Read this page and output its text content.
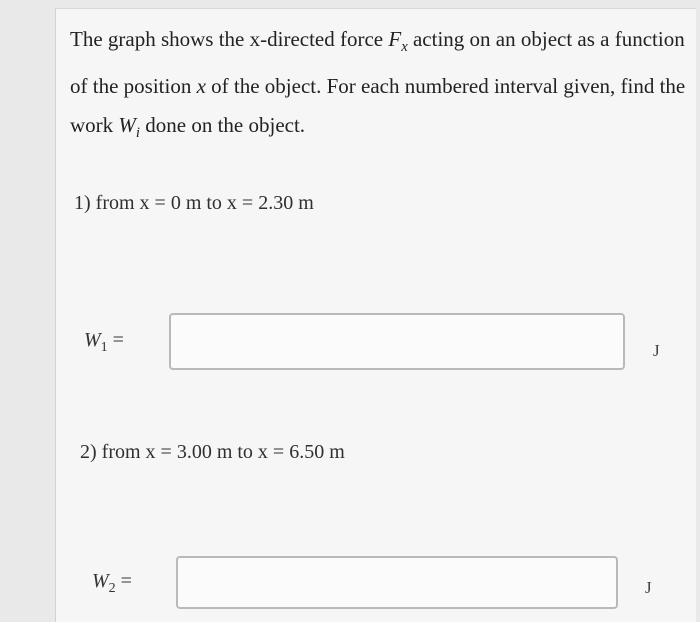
The graph shows the x-directed force $F_x$ acting on an object as a function of the position x of the object. For each numbered interval given, find the work $W_i$ done on the object.
1) from x = 0 m to x = 2.30 m
$W_1$ =	J
2) from x = 3.00 m to x = 6.50 m
$W_2$ =	J
